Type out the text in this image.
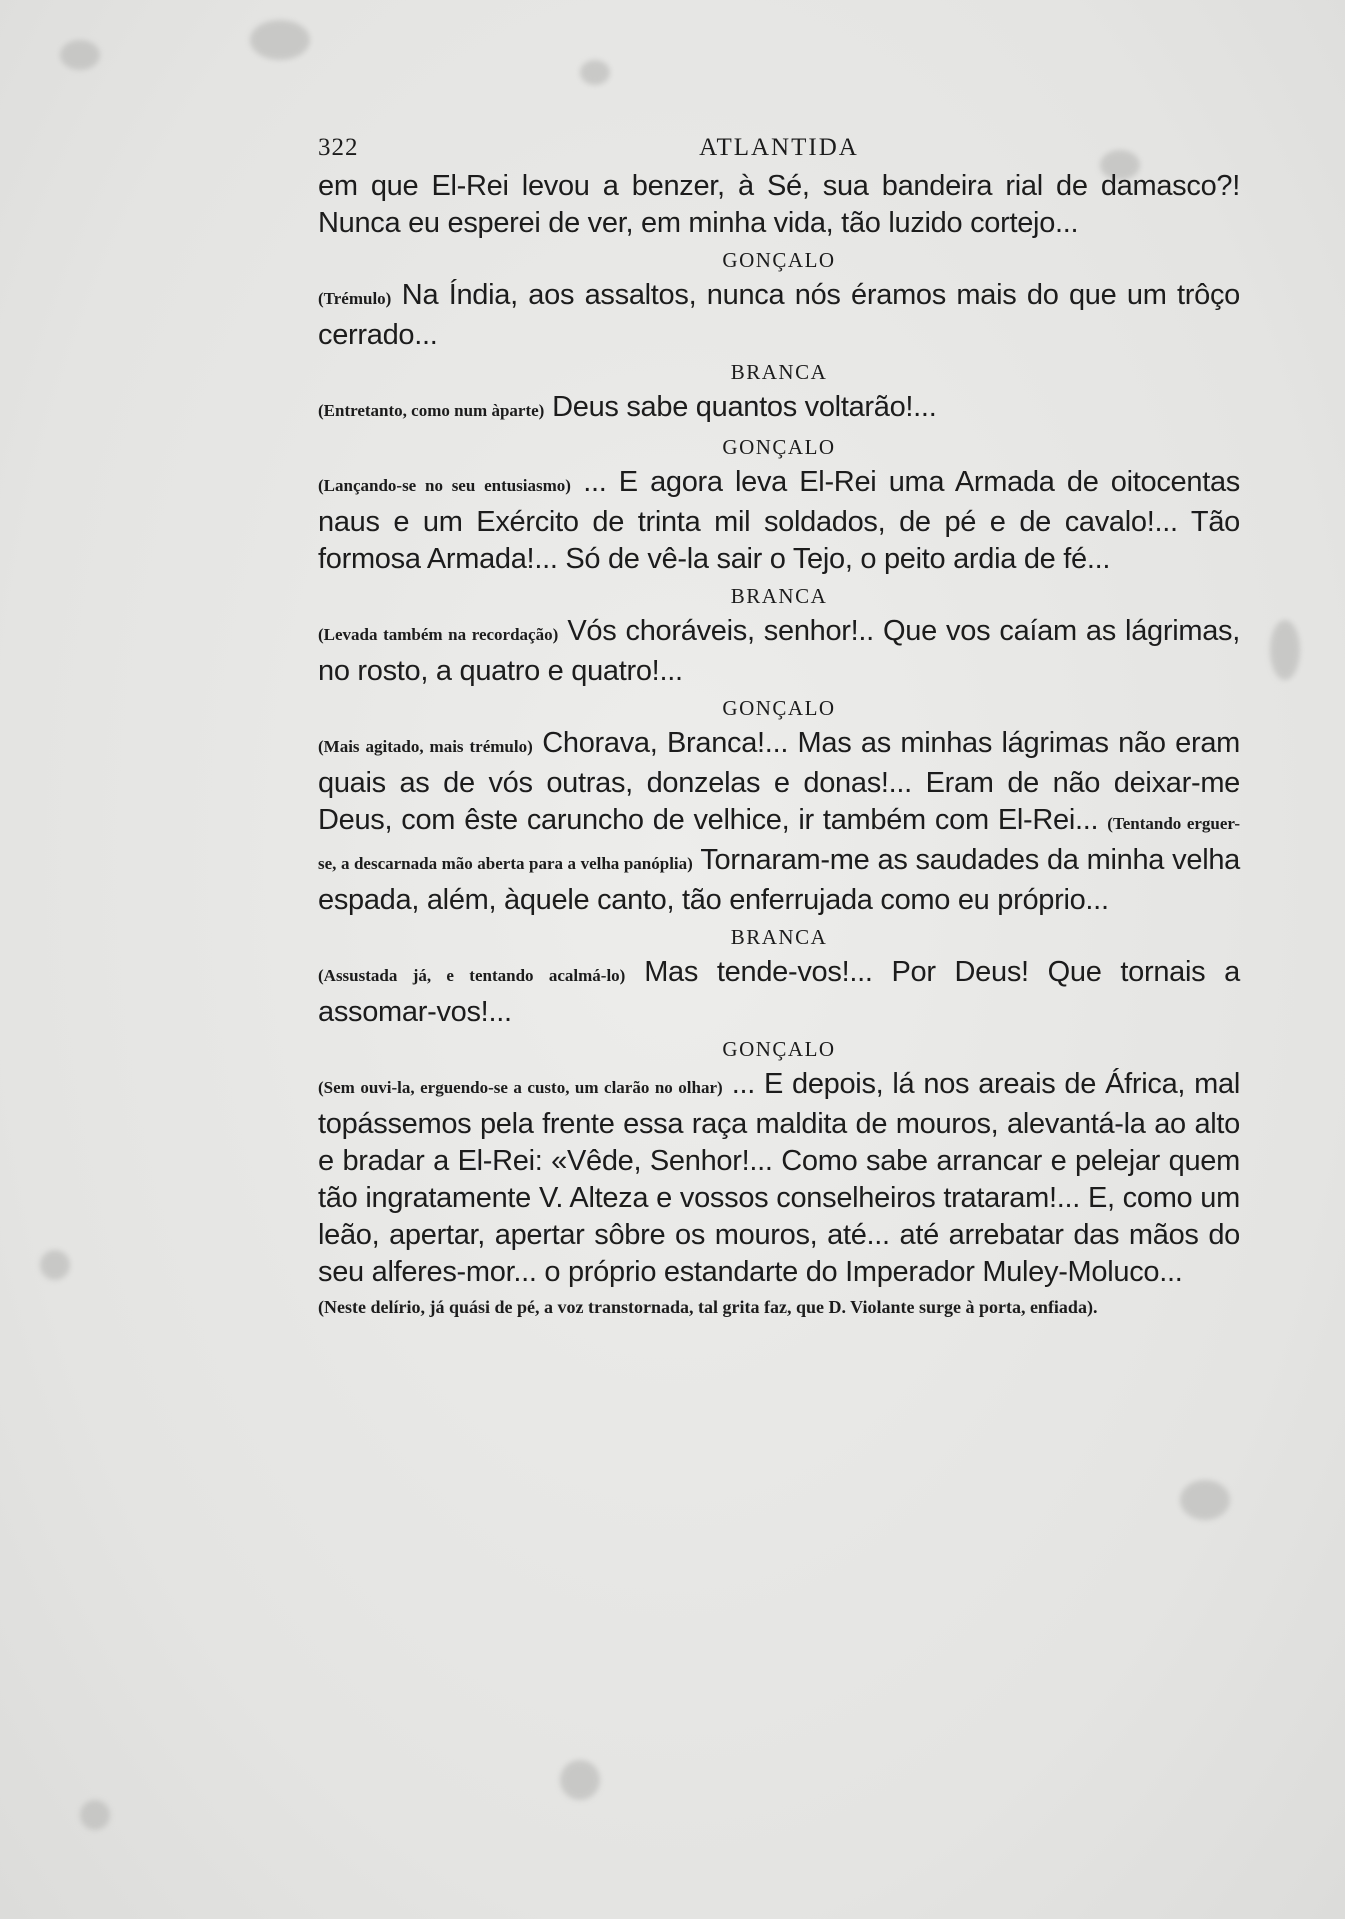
322	ATLANTIDA

em que El-Rei levou a benzer, à Sé, sua bandeira rial de damasco?! Nunca eu esperei de ver, em minha vida, tão luzido cortejo...

GONÇALO

(Trémulo) Na Índia, aos assaltos, nunca nós éramos mais do que um trôço cerrado...

BRANCA

(Entretanto, como num àparte) Deus sabe quantos voltarão!...

GONÇALO

(Lançando-se no seu entusiasmo) ... E agora leva El-Rei uma Armada de oitocentas naus e um Exército de trinta mil soldados, de pé e de cavalo!... Tão formosa Armada!... Só de vê-la sair o Tejo, o peito ardia de fé...

BRANCA

(Levada também na recordação) Vós choráveis, senhor!.. Que vos caíam as lágrimas, no rosto, a quatro e quatro!...

GONÇALO

(Mais agitado, mais trémulo) Chorava, Branca!... Mas as minhas lágrimas não eram quais as de vós outras, donzelas e donas!... Eram de não deixar-me Deus, com êste caruncho de velhice, ir também com El-Rei... (Tentando erguer-se, a descarnada mão aberta para a velha panóplia) Tornaram-me as saudades da minha velha espada, além, àquele canto, tão enferrujada como eu próprio...

BRANCA

(Assustada já, e tentando acalmá-lo) Mas tende-vos!... Por Deus! Que tornais a assomar-vos!...

GONÇALO

(Sem ouvi-la, erguendo-se a custo, um clarão no olhar) ... E depois, lá nos areais de África, mal topássemos pela frente essa raça maldita de mouros, alevantá-la ao alto e bradar a El-Rei: «Vêde, Senhor!... Como sabe arrancar e pelejar quem tão ingratamente V. Alteza e vossos conselheiros trataram!... E, como um leão, apertar, apertar sôbre os mouros, até... até arrebatar das mãos do seu alferes-mor... o próprio estandarte do Imperador Muley-Moluco...

(Neste delírio, já quási de pé, a voz transtornada, tal grita faz, que D. Violante surge à porta, enfiada).
